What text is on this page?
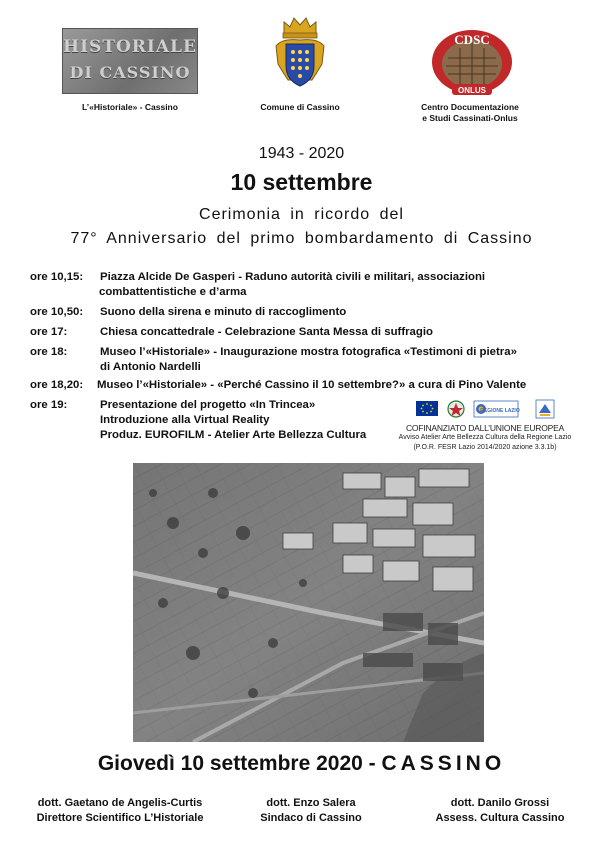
HISTORIALE
DI CASSINO
L’«Historiale» - Cassino	Comune di Cassino
CDSC
ONLUS
Centro Documentazione
e Studi Cassinati-Onlus
1943 - 2020
10 settembre
Cerimonia in ricordo del
77° Anniversario del primo bombardamento di Cassino
ore 10,15: Piazza Alcide De Gasperi - Raduno autorità civili e militari, associazioni
combattentistiche e d’arma
ore 10,50: Suono della sirena e minuto di raccoglimento
ore 17:	Chiesa concattedrale - Celebrazione Santa Messa di suffragio
ore 18:	Museo l’«Historiale» - Inaugurazione mostra fotografica «Testimoni di pietra»
di Antonio Nardelli
ore 18,20: Museo l’«Historiale» - «Perché Cassino il 10 settembre?» a cura di Pino Valente
ore 19:	Presentazione del progetto «In Trincea»
Introduzione alla Virtual Reality
Produz. EUROFILM - Atelier Arte Bellezza Cultura
REGIONE LAZIO
COFINANZIATO DALL’UNIONE EUROPEA
Avviso Atelier Arte Bellezza Cultura della Regione Lazio
(P.O.R. FESR Lazio 2014/2020 azione 3.3.1b)
Giovedì 10 settembre 2020 - CASSINO
dott. Gaetano de Angelis-Curtis
Direttore Scientifico L’Historiale
dott. Enzo Salera
Sindaco di Cassino
dott. Danilo Grossi
Assess. Cultura Cassino
